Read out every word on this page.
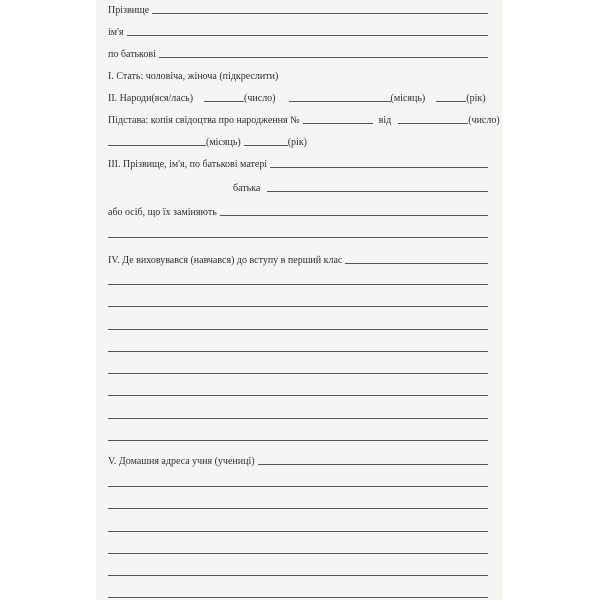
Прізвище
ім'я
по батькові
I. Стать: чоловіча, жіноча (підкреслити)
II. Народи(вся/лась)	(число)	(місяць)	(рік)
Підстава: копія свідоцтва про народження №	від	(число)
(місяць)	(рік)
III. Прізвище, ім'я, по батькові матері
батька
або осіб, що їх заміняють
IV. Де виховувався (навчався) до вступу в перший клас
V. Домашня адреса учня (учениці)
